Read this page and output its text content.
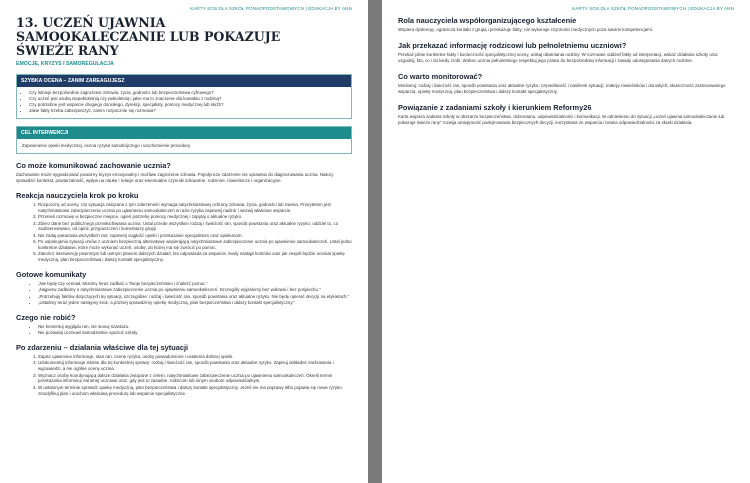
KARTY SOS DLA SZKÓŁ PONADPODSTAWOWYCH | EDUKACJA BY ANN
13. UCZEŃ UJAWNIA SAMOOKALECZANIE LUB POKAZUJE ŚWIEŻE RANY
EMOCJE, KRYZYS I SAMOREGULACJA
SZYBKA OCENA – ZANIM ZAREAGUJESZ
• Czy istnieje bezpośrednie zagrożenie zdrowia, życia, godności lub bezpieczeństwa cyfrowego?
• Czy uczeń jest osobą niepełnoletnią czy pełnoletnią i jakie ma to znaczenie dla kontaktu z rodziną?
• Czy potrzebne jest wsparcie drugiego dorosłego, dyrekcji, specjalisty, pomocy medycznej lub służb?
• Jakie fakty trzeba zabezpieczyć, zanim rozpocznie się rozmowa?
CEL INTERWENCJI

Zapewnienie opieki medycznej, ocena ryzyka samobójczego i uruchomienie procedury.

Co może komunikować zachowanie ucznia?

Zachowanie może sygnalizować poważny kryzys emocjonalny i możliwe zagrożenie zdrowia. Pojedyncze zdarzenie nie uprawnia do diagnozowania ucznia. Należy sprawdzić kontekst, powtarzalność, wpływ na naukę i relacje oraz ewentualne czynniki zdrowotne, rodzinne, rówieśnicze i organizacyjne.

Reakcja nauczyciela krok po kroku
1. Rozpocznij od oceny, czy sytuacja związana z tym zdarzeniem wymaga natychmiastowej ochrony zdrowia, życia, godności lub mienia. Priorytetem jest natychmiastowe zabezpieczenie ucznia po ujawnieniu samookaleczeń w razie ryzyka zapewnij nadzór i wezwij właściwe wsparcie.
2. Przenieś rozmowę w bezpieczne miejsce, ogień potrzebę pomocy medycznej i zapytaj o aktualne ryzyko.
3. Zbierz dane bez publicznego przesłuchiwania ucznia. Ustal przede wszystkim rodzaj i świeżość ran, sposób powstania oraz aktualne ryzyko; oddziel to, co zaobserwowano, od opinii, przypuszczeń i komentarzy grupy.
4. Nie zadaj pokazania wszystkich ran; zapewnij ciągłość opieki i przekazanie specjalistom oraz opiekunom.
5. Po uspokojeniu sytuacji omów z uczniem bezpieczną alternatywę wspierającą natychmiastowe zabezpieczenie ucznia po ujawnieniu samookaleczeń. Ustal jedno konkretne działanie, które może wykonać uczeń, osobę, do której ma się zwrócić po pomoc.
6. Zakończ interwencję pisemnym lub ustnym planem dalszych działań: kto odpowiada za wsparcie, kiedy nastąpi kontrola oraz jak zespół będzie oceniał opiekę medyczną, plan bezpieczeństwa i dalszy kontakt specjalistyczny.
Gotowe komunikaty
• „Nie będę Cię oceniał. Musimy teraz zadbać o Twoje bezpieczeństwo i znaleźć pomoc.”
• „Najpierw zadbamy o natychmiastowe zabezpieczenie ucznia po ujawnieniu samookaleczeń. Szczegóły wyjaśnimy bez widowni i bez pośpiechu.”
• „Potrzebuję faktów dotyczących tej sytuacji, szczególnie: rodzaj i świeżość ran, sposób powstania oraz aktualne ryzyko. Nie będę opierać decyzji na etykietach.”
• „Ustalimy teraz jeden następny krok, a później sprawdzimy opiekę medyczną, plan bezpieczeństwa i dalszy kontakt specjalistyczny.”
Czego nie robić?
• Nie komentuj wyglądu ran, nie stosuj szantażu.
• Nie pozwalaj uczniowi samodzielnie opuścić szkoły.
Po zdarzeniu – działania właściwe dla tej sytuacji
1. Zapisz ujawnione informacje, stan ran, ocenę ryzyka, osoby powiadomione i ustalenia dalszej opieki.
2. Udokumentuj informacje istotne dla tej konkretnej sprawy: rodzaj i świeżość ran, sposób powstania oraz aktualne ryzyko. Zapisuj dokładne zachowania i wypowiedzi, a nie ogólne oceny ucznia.
3. Wyznacz osobę koordynującą dalsze działania związane z celem: natychmiastowe zabezpieczenie ucznia po ujawnieniu samookaleczeń. Określ termin przekazania informacji zwrotnej uczniowi oraz, gdy jest to zasadne, rodzicom lub innym osobom odpowiedzialnym.
4. W ustalonym terminie sprawdź opiekę medyczną, plan bezpieczeństwa i dalszy kontakt specjalistyczny. Jeżeli nie ma poprawy albo pojawia się nowe ryzyko, zmodyfikuj plan i uruchom właściwą procedurę lub wsparcie specjalistyczne.
KARTY SOS DLA SZKÓŁ PONADPODSTAWOWYCH | EDUKACJA BY ANN
Rola nauczyciela współorganizującego kształcenie

Wspiera dyskrecję, ogranicza kontakt z grupą i przekazuje fakty; nie wykonuje czynności medycznych poza swoimi kompetencjami.

Jak przekazać informację rodzicowi lub pełnoletniemu uczniowi?

Przekaż pilnie konkretne fakty i konieczność specjalistycznej oceny, unikaj obwiniania rodziny. W rozmowie oddziel fakty od interpretacji, wskaż działania szkoły oraz uzgodnij, kto, co i do kiedy zrobi. Wobec ucznia pełnoletniego respektuj jego prawo do bezpośredniej informacji i zasady udostępniania danych rodzinie.

Co warto monitorować?

Monitoruj: rodzaj i świeżość ran, sposób powstania oraz aktualne ryzyko; częstotliwość i nasilenie sytuacji; reakcję rówieśników i dorosłych; skuteczność zastosowanego wsparcia; opiekę medyczną, plan bezpieczeństwa i dalszy kontakt specjalistyczny.

Powiązanie z zadaniami szkoły i kierunkiem Reformy26

Karta wspiera zadania szkoły w obszarze bezpieczeństwa, dobrostanu, odpowiedzialności i komunikacji. W odniesieniu do sytuacji „uczeń ujawnia samookaleczanie lub pokazuje świeże rany” rozwija umiejętność podejmowania bezpiecznych decyzji, korzystania ze wsparcia i brania odpowiedzialności za skutki działania.
